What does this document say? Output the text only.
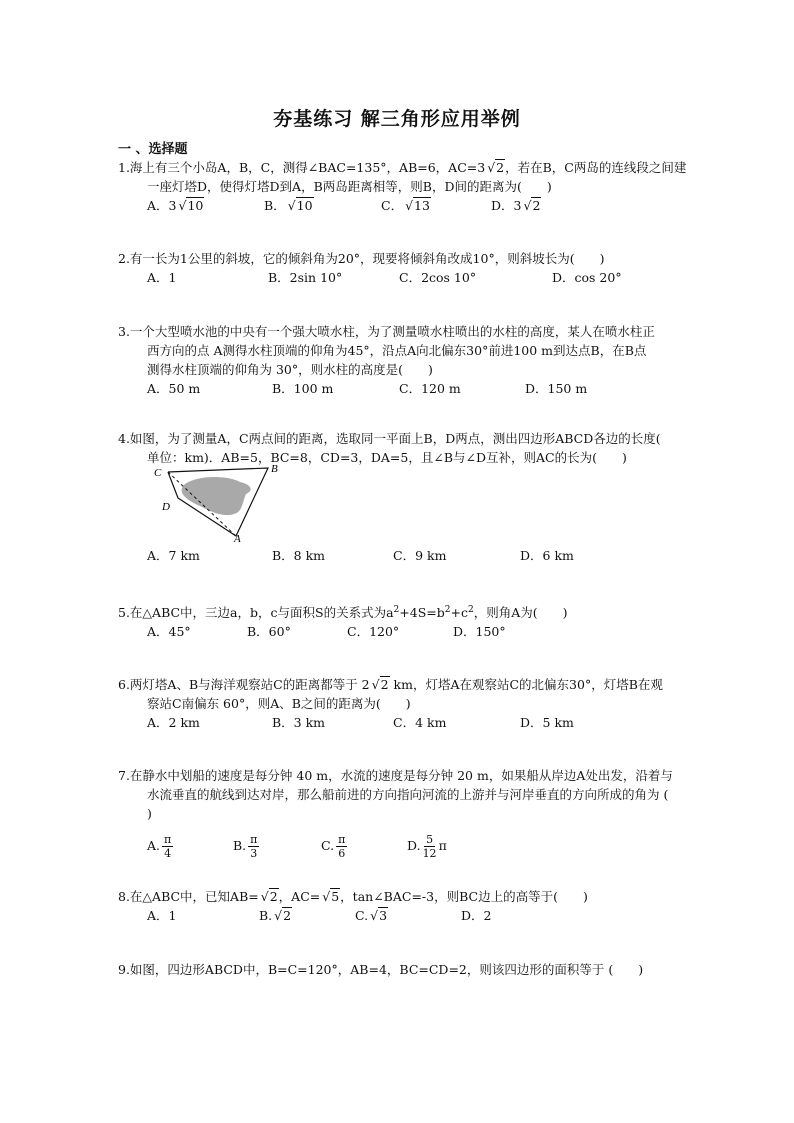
夯基练习 解三角形应用举例
一 、选择题
1.海上有三个小岛A，B，C，测得∠BAC=135°，AB=6，AC=3 √2，若在B，C两岛的连线段之间建
一座灯塔D，使得灯塔D到A，B两岛距离相等，则B，D间的距离为(　　)
A．3 √10	B． √10	C． √13	D．3 √2
2.有一长为1公里的斜坡，它的倾斜角为20°，现要将倾斜角改成10°，则斜坡长为(　　)
A．1	B．2sin 10°	C．2cos 10°	D．cos 20°
3.一个大型喷水池的中央有一个强大喷水柱，为了测量喷水柱喷出的水柱的高度，某人在喷水柱正
西方向的点 A测得水柱顶端的仰角为45°，沿点A向北偏东30°前进100 m到达点B，在B点
测得水柱顶端的仰角为 30°，则水柱的高度是(　　)
A．50 m	B．100 m	C．120 m	D．150 m
4.如图，为了测量A，C两点间的距离，选取同一平面上B，D两点，测出四边形ABCD各边的长度(
单位：km)．AB=5，BC=8，CD=3，DA=5，且∠B与∠D互补，则AC的长为(　　)
C	B
D
A
A．7 km	B．8 km	C．9 km	D．6 km
5.在△ABC中，三边a，b，c与面积S的关系式为$a^2+4S=b^2+c^2$，则角A为(　　)
A．45°	B．60°	C．120°	D．150°
6.两灯塔A、B与海洋观察站C的距离都等于 2 √2 km，灯塔A在观察站C的北偏东30°，灯塔B在观
察站C南偏东 60°，则A、B之间的距离为(　　)
A．2 km	B．3 km	C．4 km	D．5 km
7.在静水中划船的速度是每分钟 40 m，水流的速度是每分钟 20 m，如果船从岸边A处出发，沿着与
水流垂直的航线到达对岸，那么船前进的方向指向河流的上游并与河岸垂直的方向所成的角为 (
)
A. $\frac{\pi}{4}$	B. $\frac{\pi}{3}$	C. $\frac{\pi}{6}$	D. $\frac{5}{12}$ π
8.在△ABC中，已知AB= √2，AC= √5，tan∠BAC=-3，则BC边上的高等于(　　)
A．1	B. √2	C. √3	D．2
9.如图，四边形ABCD中，B=C=120°，AB=4，BC=CD=2，则该四边形的面积等于 (　　)
